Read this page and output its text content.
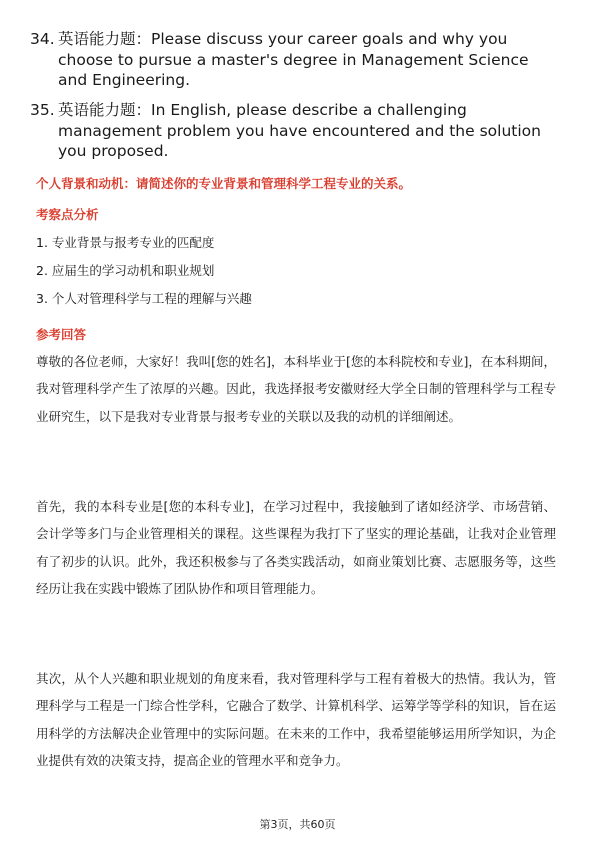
34. 英语能力题：Please discuss your career goals and why you choose to pursue a master's degree in Management Science and Engineering.
35. 英语能力题：In English, please describe a challenging management problem you have encountered and the solution you proposed.
个人背景和动机：请简述你的专业背景和管理科学工程专业的关系。
考察点分析
1. 专业背景与报考专业的匹配度
2. 应届生的学习动机和职业规划
3. 个人对管理科学与工程的理解与兴趣
参考回答
尊敬的各位老师，大家好！我叫[您的姓名]，本科毕业于[您的本科院校和专业]，在本科期间，我对管理科学产生了浓厚的兴趣。因此，我选择报考安徽财经大学全日制的管理科学与工程专业研究生，以下是我对专业背景与报考专业的关联以及我的动机的详细阐述。
首先，我的本科专业是[您的本科专业]，在学习过程中，我接触到了诸如经济学、市场营销、会计学等多门与企业管理相关的课程。这些课程为我打下了坚实的理论基础，让我对企业管理有了初步的认识。此外，我还积极参与了各类实践活动，如商业策划比赛、志愿服务等，这些经历让我在实践中锻炼了团队协作和项目管理能力。
其次，从个人兴趣和职业规划的角度来看，我对管理科学与工程有着极大的热情。我认为，管理科学与工程是一门综合性学科，它融合了数学、计算机科学、运筹学等学科的知识，旨在运用科学的方法解决企业管理中的实际问题。在未来的工作中，我希望能够运用所学知识，为企业提供有效的决策支持，提高企业的管理水平和竞争力。
第3页，共60页
